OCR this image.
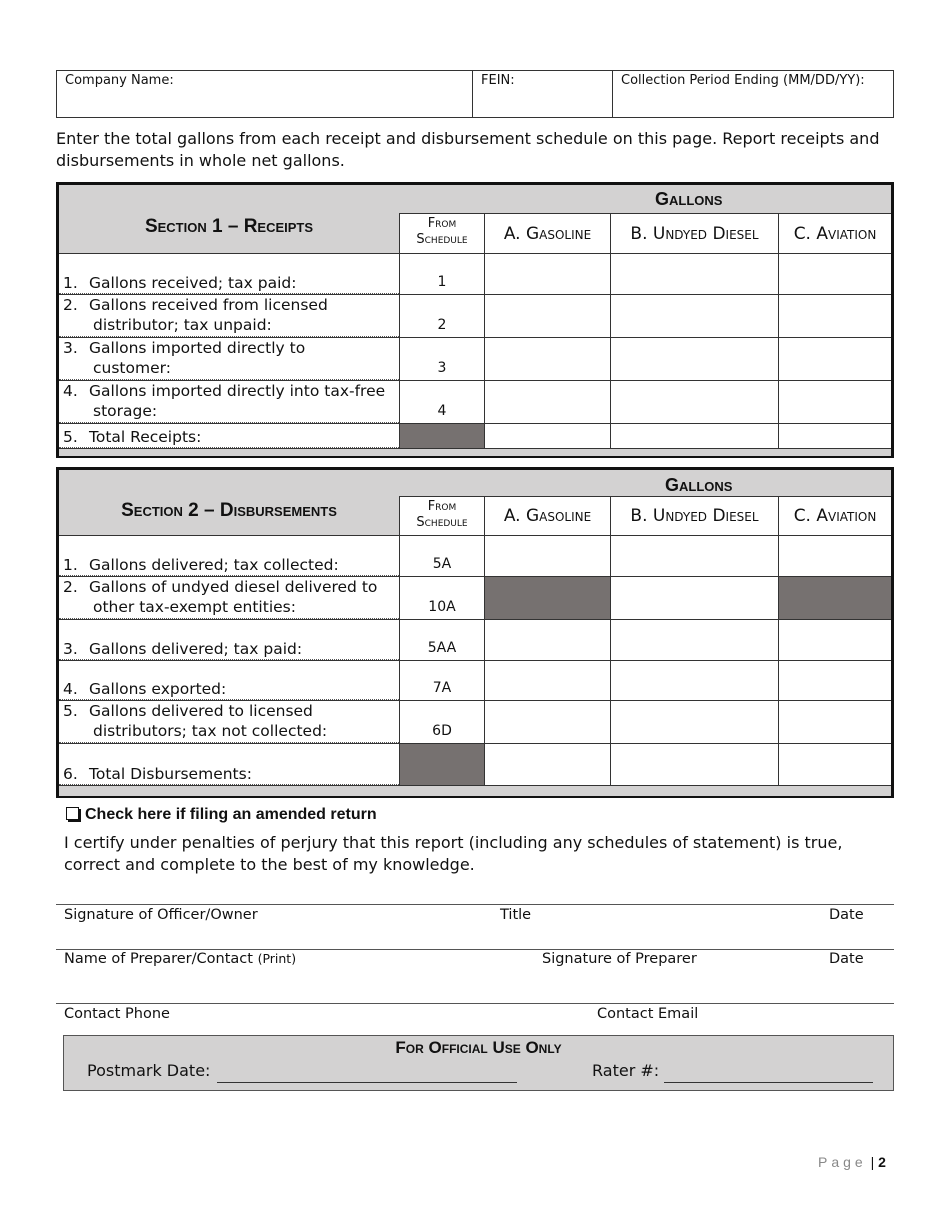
Company Name:	FEIN:	Collection Period Ending (MM/DD/YY):
Enter the total gallons from each receipt and disbursement schedule on this page. Report receipts and disbursements in whole net gallons.
Gallons
Section 1 – Receipts	From
Schedule	A. Gasoline	B. Undyed Diesel	C. Aviation
1. Gallons received; tax paid:	1
2. Gallons received from licensed
distributor; tax unpaid:	2
3. Gallons imported directly to
customer:	3
4. Gallons imported directly into tax-free
storage:	4
5. Total Receipts:
Gallons
Section 2 – Disbursements	From
Schedule	A. Gasoline	B. Undyed Diesel	C. Aviation
1. Gallons delivered; tax collected:	5A
2. Gallons of undyed diesel delivered to
other tax-exempt entities:	10A
3. Gallons delivered; tax paid:	5AA
4. Gallons exported:	7A
5. Gallons delivered to licensed
distributors; tax not collected:	6D
6. Total Disbursements:
Check here if filing an amended return
I certify under penalties of perjury that this report (including any schedules of statement) is true, correct and complete to the best of my knowledge.
Signature of Officer/Owner	Title	Date
Name of Preparer/Contact (Print)	Signature of Preparer	Date
Contact Phone	Contact Email
For Official Use Only
Postmark Date:	Rater #:
Page | 2
